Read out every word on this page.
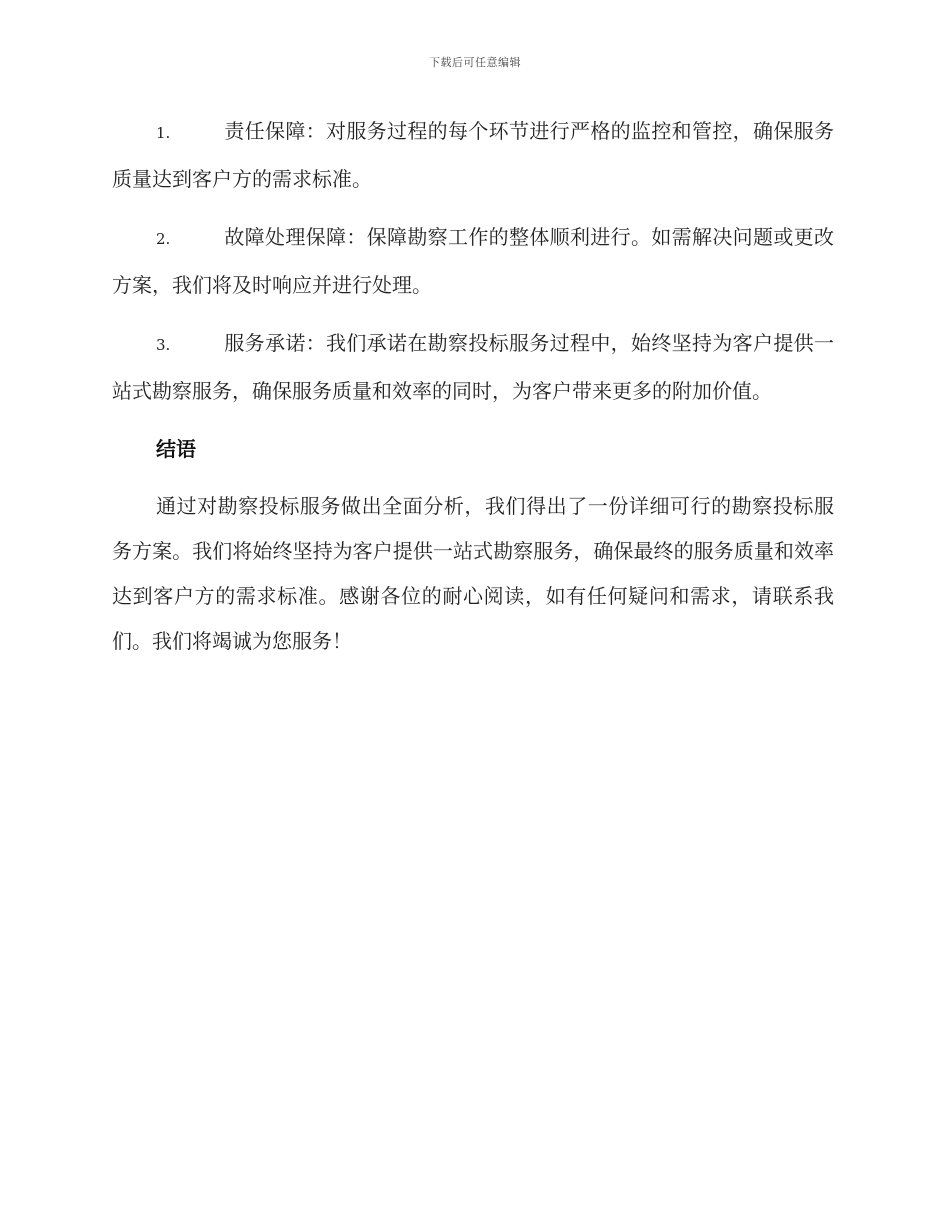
下载后可任意编辑

1.	责任保障：对服务过程的每个环节进行严格的监控和管控，确保服务质量达到客户方的需求标准。

2.	故障处理保障：保障勘察工作的整体顺利进行。如需解决问题或更改方案，我们将及时响应并进行处理。

3.	服务承诺：我们承诺在勘察投标服务过程中，始终坚持为客户提供一站式勘察服务，确保服务质量和效率的同时，为客户带来更多的附加价值。

结语

通过对勘察投标服务做出全面分析，我们得出了一份详细可行的勘察投标服务方案。我们将始终坚持为客户提供一站式勘察服务，确保最终的服务质量和效率达到客户方的需求标准。感谢各位的耐心阅读，如有任何疑问和需求，请联系我们。我们将竭诚为您服务！
